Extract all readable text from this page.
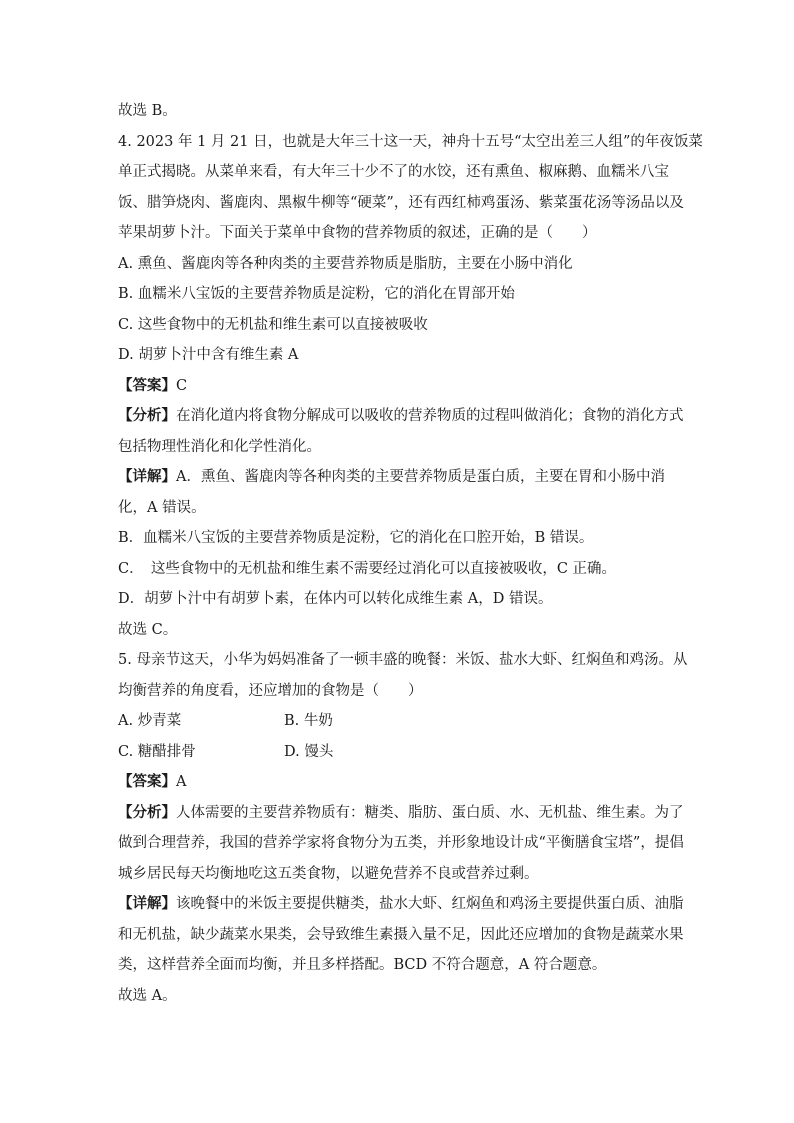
故选 B。
4. 2023 年 1 月 21 日，也就是大年三十这一天，神舟十五号“太空出差三人组”的年夜饭菜
单正式揭晓。从菜单来看，有大年三十少不了的水饺，还有熏鱼、椒麻鹅、血糯米八宝
饭、腊笋烧肉、酱鹿肉、黑椒牛柳等“硬菜”，还有西红柿鸡蛋汤、紫菜蛋花汤等汤品以及
苹果胡萝卜汁。下面关于菜单中食物的营养物质的叙述，正确的是（　　）
A. 熏鱼、酱鹿肉等各种肉类的主要营养物质是脂肪，主要在小肠中消化
B. 血糯米八宝饭的主要营养物质是淀粉，它的消化在胃部开始
C. 这些食物中的无机盐和维生素可以直接被吸收
D. 胡萝卜汁中含有维生素 A
【答案】C
【分析】在消化道内将食物分解成可以吸收的营养物质的过程叫做消化；食物的消化方式
包括物理性消化和化学性消化。
【详解】A．熏鱼、酱鹿肉等各种肉类的主要营养物质是蛋白质，主要在胃和小肠中消
化，A 错误。
B．血糯米八宝饭的主要营养物质是淀粉，它的消化在口腔开始，B 错误。
C．　这些食物中的无机盐和维生素不需要经过消化可以直接被吸收，C 正确。
D．胡萝卜汁中有胡萝卜素，在体内可以转化成维生素 A，D 错误。
故选 C。
5. 母亲节这天，小华为妈妈准备了一顿丰盛的晚餐：米饭、盐水大虾、红焖鱼和鸡汤。从
均衡营养的角度看，还应增加的食物是（　　）
A. 炒青菜	B. 牛奶
C. 糖醋排骨	D. 馒头
【答案】A
【分析】人体需要的主要营养物质有：糖类、脂肪、蛋白质、水、无机盐、维生素。为了
做到合理营养，我国的营养学家将食物分为五类，并形象地设计成“平衡膳食宝塔”，提倡
城乡居民每天均衡地吃这五类食物，以避免营养不良或营养过剩。
【详解】该晚餐中的米饭主要提供糖类，盐水大虾、红焖鱼和鸡汤主要提供蛋白质、油脂
和无机盐，缺少蔬菜水果类，会导致维生素摄入量不足，因此还应增加的食物是蔬菜水果
类，这样营养全面而均衡，并且多样搭配。BCD 不符合题意，A 符合题意。
故选 A。
